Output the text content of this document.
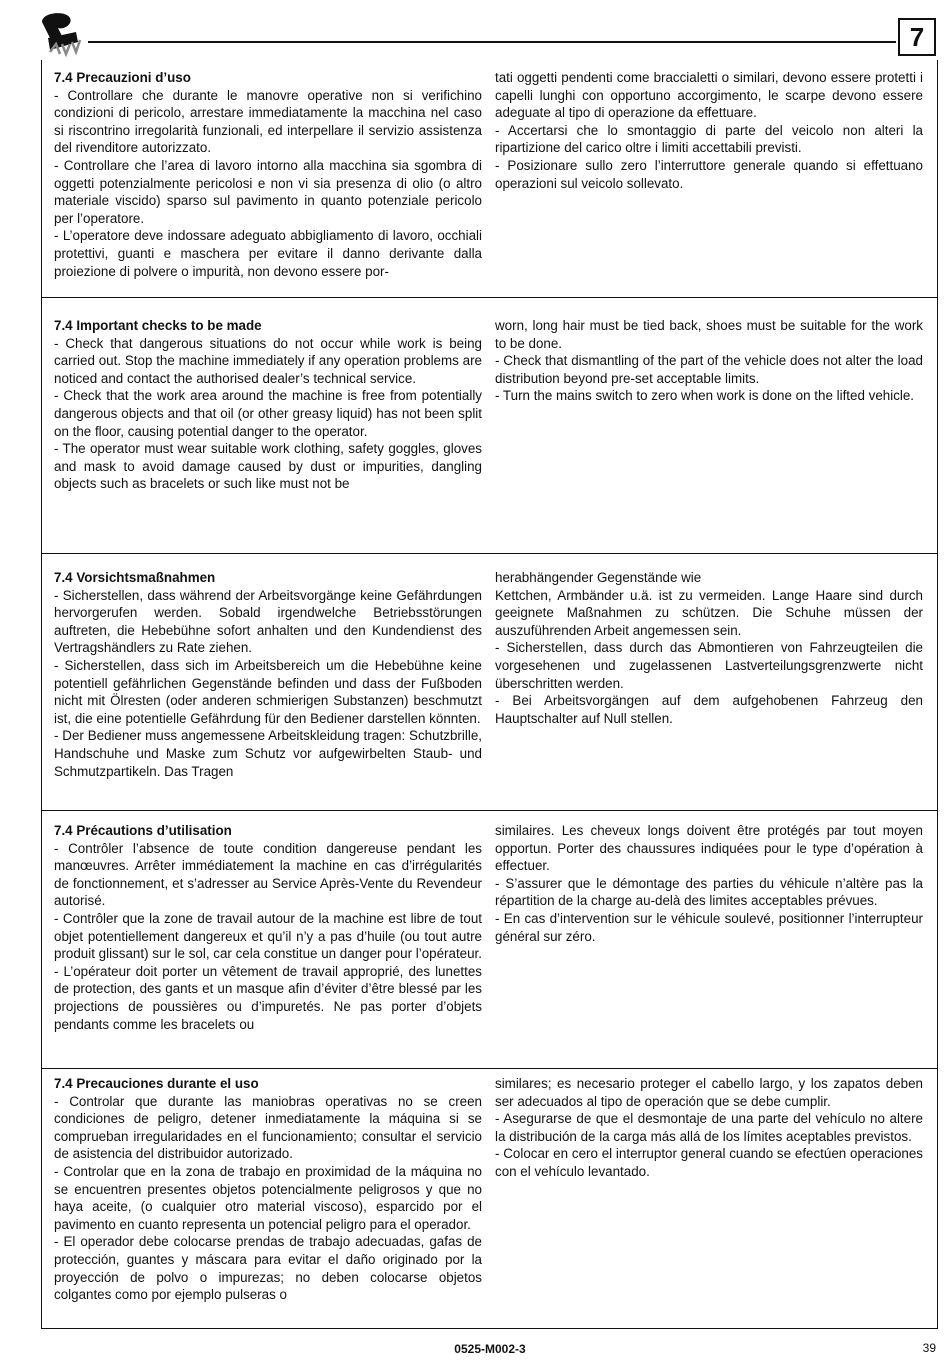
7
7.4 Precauzioni d’uso
- Controllare che durante le manovre operative non si verifichino condizioni di pericolo, arrestare immediatamente la macchina nel caso si riscontrino irregolarità funzionali, ed interpellare il servizio assistenza del rivenditore autorizzato.
- Controllare che l’area di lavoro intorno alla macchina sia sgombra di oggetti potenzialmente pericolosi e non vi sia presenza di olio (o altro materiale viscido) sparso sul pavimento in quanto potenziale pericolo per l’operatore.
- L’operatore deve indossare adeguato abbigliamento di lavoro, occhiali protettivi, guanti e maschera per evitare il danno derivante dalla proiezione di polvere o impurità, non devono essere por-
tati oggetti pendenti come braccialetti o similari, devono essere protetti i capelli lunghi con opportuno accorgimento, le scarpe devono essere adeguate al tipo di operazione da effettuare.
- Accertarsi che lo smontaggio di parte del veicolo non alteri la ripartizione del carico oltre i limiti accettabili previsti.
- Posizionare sullo zero l’interruttore generale quando si effettuano operazioni sul veicolo sollevato.
7.4 Important checks to be made
- Check that dangerous situations do not occur while work is being carried out. Stop the machine immediately if any operation problems are noticed and contact the authorised dealer’s technical service.
- Check that the work area around the machine is free from potentially dangerous objects and that oil (or other greasy liquid) has not been split on the floor, causing potential danger to the operator.
- The operator must wear suitable work clothing, safety goggles, gloves and mask to avoid damage caused by dust or impurities, dangling objects such as bracelets or such like must not be
worn, long hair must be tied back, shoes must be suitable for the work to be done.
- Check that dismantling of the part of the vehicle does not alter the load distribution beyond pre-set acceptable limits.
- Turn the mains switch to zero when work is done on the lifted vehicle.
7.4 Vorsichtsmaßnahmen
- Sicherstellen, dass während der Arbeitsvorgänge keine Gefährdungen hervorgerufen werden. Sobald irgendwelche Betriebsstörungen auftreten, die Hebebühne sofort anhalten und den Kundendienst des Vertragshändlers zu Rate ziehen.
- Sicherstellen, dass sich im Arbeitsbereich um die Hebebühne keine potentiell gefährlichen Gegenstände befinden und dass der Fußboden nicht mit Ölresten (oder anderen schmierigen Substanzen) beschmutzt ist, die eine potentielle Gefährdung für den Bediener darstellen könnten.
- Der Bediener muss angemessene Arbeitskleidung tragen: Schutzbrille, Handschuhe und Maske zum Schutz vor aufgewirbelten Staub- und Schmutzpartikeln. Das Tragen
herabhängender Gegenstände wie
Kettchen, Armbänder u.ä. ist zu vermeiden. Lange Haare sind durch geeignete Maßnahmen zu schützen. Die Schuhe müssen der auszuführenden Arbeit angemessen sein.
- Sicherstellen, dass durch das Abmontieren von Fahrzeugteilen die vorgesehenen und zugelassenen Lastverteilungsgrenzwerte nicht überschritten werden.
- Bei Arbeitsvorgängen auf dem aufgehobenen Fahrzeug den Hauptschalter auf Null stellen.
7.4 Précautions d’utilisation
- Contrôler l’absence de toute condition dangereuse pendant les manœuvres. Arrêter immédiatement la machine en cas d’irrégularités de fonctionnement, et s’adresser au Service Après-Vente du Revendeur autorisé.
- Contrôler que la zone de travail autour de la machine est libre de tout objet potentiellement dangereux et qu’il n’y a pas d’huile (ou tout autre produit glissant) sur le sol, car cela constitue un danger pour l’opérateur.
- L’opérateur doit porter un vêtement de travail approprié, des lunettes de protection, des gants et un masque afin d’éviter d’être blessé par les projections de poussières ou d’impuretés. Ne pas porter d’objets pendants comme les bracelets ou
similaires. Les cheveux longs doivent être protégés par tout moyen opportun. Porter des chaussures indiquées pour le type d’opération à effectuer.
- S’assurer que le démontage des parties du véhicule n’altère pas la répartition de la charge au-delà des limites acceptables prévues.
- En cas d’intervention sur le véhicule soulevé, positionner l’interrupteur général sur zéro.
7.4 Precauciones durante el uso
- Controlar que durante las maniobras operativas no se creen condiciones de peligro, detener inmediatamente la máquina si se comprueban irregularidades en el funcionamiento; consultar el servicio de asistencia del distribuidor autorizado.
- Controlar que en la zona de trabajo en proximidad de la máquina no se encuentren presentes objetos potencialmente peligrosos y que no haya aceite, (o cualquier otro material viscoso), esparcido por el pavimento en cuanto representa un potencial peligro para el operador.
- El operador debe colocarse prendas de trabajo adecuadas, gafas de protección, guantes y máscara para evitar el daño originado por la proyección de polvo o impurezas; no deben colocarse objetos colgantes como por ejemplo pulseras o
similares; es necesario proteger el cabello largo, y los zapatos deben ser adecuados al tipo de operación que se debe cumplir.
- Asegurarse de que el desmontaje de una parte del vehículo no altere la distribución de la carga más allá de los límites aceptables previstos.
- Colocar en cero el interruptor general cuando se efectúen operaciones con el vehículo levantado.
0525-M002-3	39
